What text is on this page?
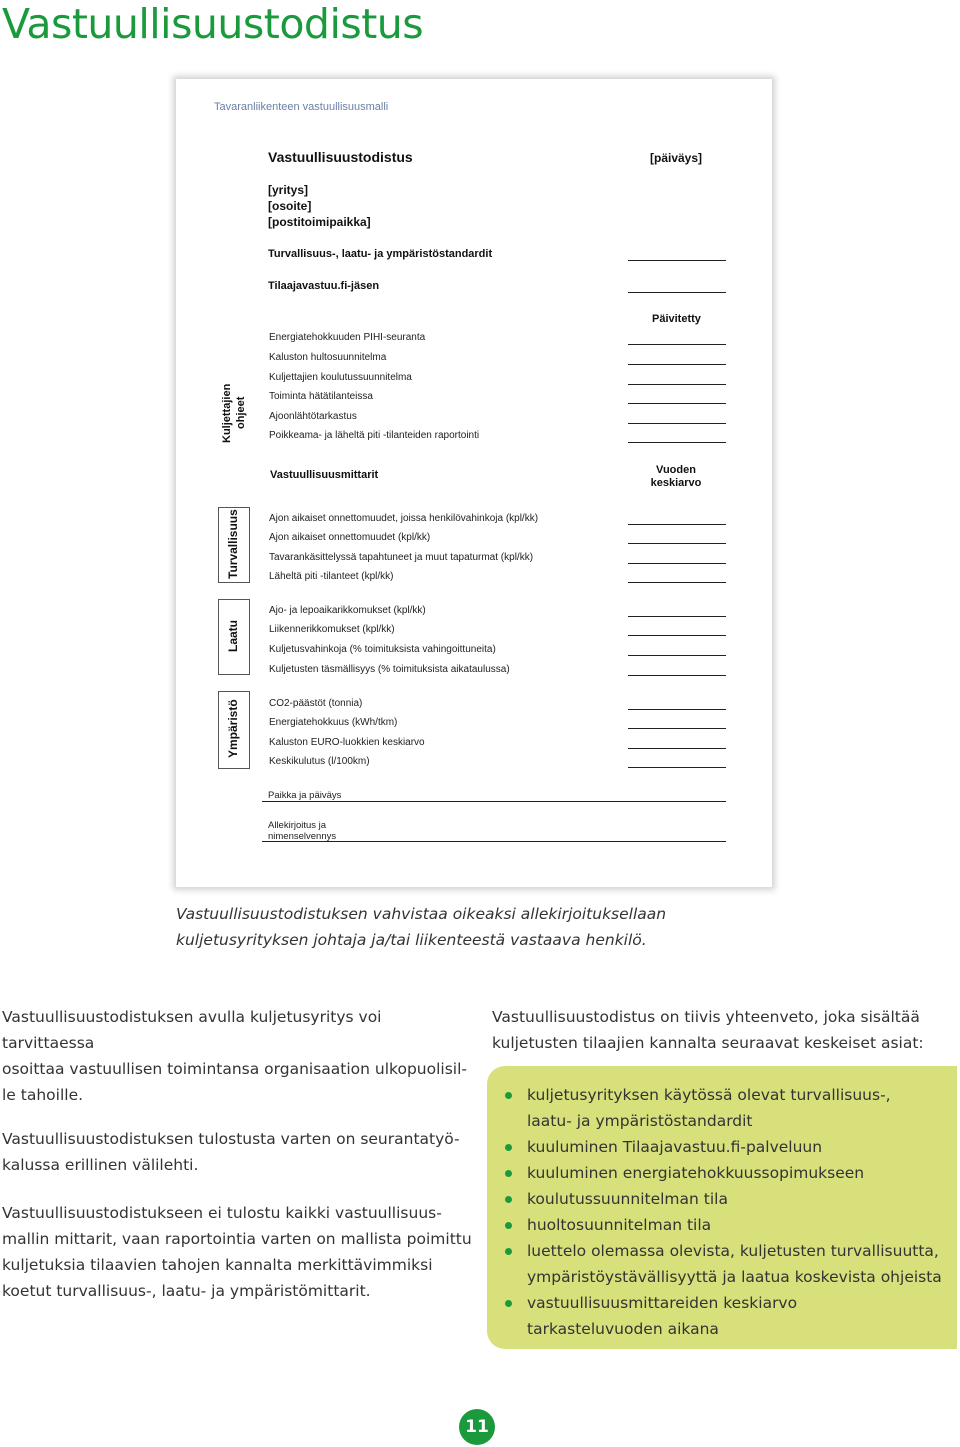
Vastuullisuustodistus
Tavaranliikenteen vastuullisuusmalli
Vastuullisuustodistus	[päiväys]
[yritys]
[osoite]
[postitoimipaikka]
Turvallisuus-, laatu- ja ympäristöstandardit
Tilaajavastuu.fi-jäsen
Päivitetty
Kuljettajien ohjeet
Energiatehokkuuden PIHI-seuranta
Kaluston hultosuunnitelma
Kuljettajien koulutussuunnitelma
Toiminta hätätilanteissa
Ajoonlähtötarkastus
Poikkeama- ja läheltä piti -tilanteiden raportointi
Vastuullisuusmittarit	Vuoden keskiarvo
Turvallisuus	Ajon aikaiset onnettomuudet, joissa henkilövahinkoja (kpl/kk)
Ajon aikaiset onnettomuudet (kpl/kk)
Tavarankäsittelyssä tapahtuneet ja muut tapaturmat (kpl/kk)
Läheltä piti -tilanteet (kpl/kk)
Laatu
Ajo- ja lepoaikarikkomukset (kpl/kk)
Liikennerikkomukset (kpl/kk)
Kuljetusvahinkoja (% toimituksista vahingoittuneita)
Kuljetusten täsmällisyys (% toimituksista aikataulussa)
Ympäristö	CO2-päästöt (tonnia)
Energiatehokkuus (kWh/tkm)
Kaluston EURO-luokkien keskiarvo
Keskikulutus (l/100km)
Paikka ja päiväys
Allekirjoitus ja
nimenselvennys
Vastuullisuustodistuksen vahvistaa oikeaksi allekirjoituksellaan
kuljetusyrityksen johtaja ja/tai liikenteestä vastaava henkilö.

Vastuullisuustodistuksen avulla kuljetusyritys voi tarvittaessa
osoittaa vastuullisen toimintansa organisaation ulkopuolisil-
le tahoille.

Vastuullisuustodistuksen tulostusta varten on seurantatyö-
kalussa erillinen välilehti.

Vastuullisuustodistukseen ei tulostu kaikki vastuullisuus-
mallin mittarit, vaan raportointia varten on mallista poimittu
kuljetuksia tilaavien tahojen kannalta merkittävimmiksi
koetut turvallisuus-, laatu- ja ympäristömittarit.

Vastuullisuustodistus on tiivis yhteenveto, joka sisältää
kuljetusten tilaajien kannalta seuraavat keskeiset asiat:
kuljetusyrityksen käytössä olevat turvallisuus-,
laatu- ja ympäristöstandardit
kuuluminen Tilaajavastuu.fi-palveluun
kuuluminen energiatehokkuussopimukseen
koulutussuunnitelman tila
huoltosuunnitelman tila
luettelo olemassa olevista, kuljetusten turvallisuutta,
ympäristöystävällisyyttä ja laatua koskevista ohjeista
vastuullisuusmittareiden keskiarvo
tarkasteluvuoden aikana
11
